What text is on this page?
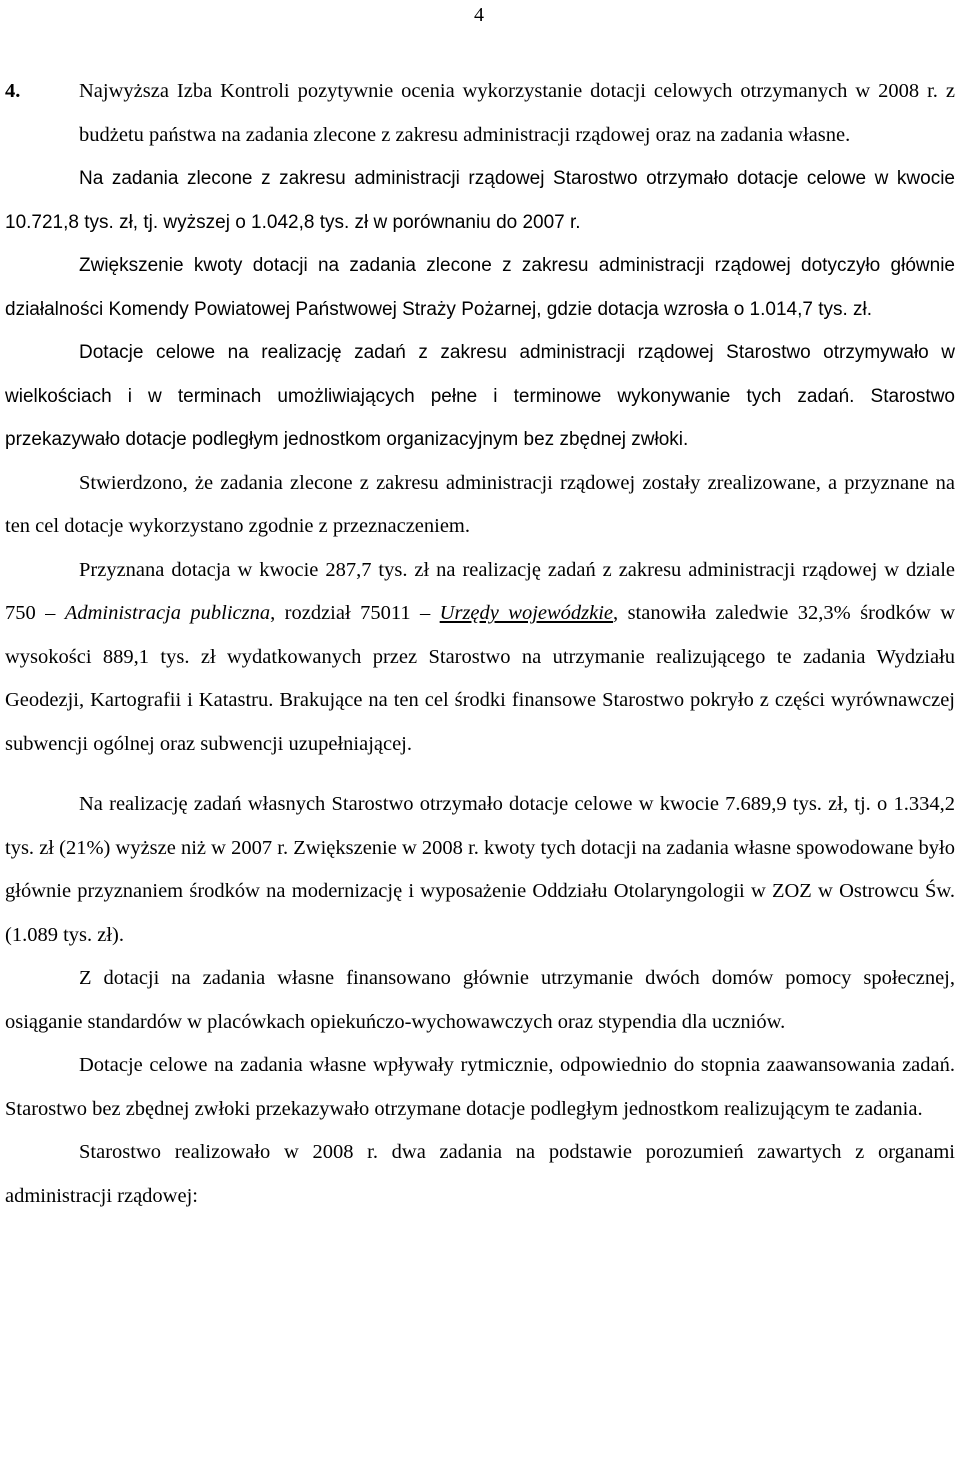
4
4.	Najwyższa Izba Kontroli pozytywnie ocenia wykorzystanie dotacji celowych otrzymanych w 2008 r. z budżetu państwa na zadania zlecone z zakresu administracji rządowej oraz na zadania własne.

Na zadania zlecone z zakresu administracji rządowej Starostwo otrzymało dotacje celowe w kwocie 10.721,8 tys. zł, tj. wyższej o 1.042,8 tys. zł w porównaniu do 2007 r.

Zwiększenie kwoty dotacji na zadania zlecone z zakresu administracji rządowej dotyczyło głównie działalności Komendy Powiatowej Państwowej Straży Pożarnej, gdzie dotacja wzrosła o 1.014,7 tys. zł.

Dotacje celowe na realizację zadań z zakresu administracji rządowej Starostwo otrzymywało w wielkościach i w terminach umożliwiających pełne i terminowe wykonywanie tych zadań. Starostwo przekazywało dotacje podległym jednostkom organizacyjnym bez zbędnej zwłoki.

Stwierdzono, że zadania zlecone z zakresu administracji rządowej zostały zrealizowane, a przyznane na ten cel dotacje wykorzystano zgodnie z przeznaczeniem.

Przyznana dotacja w kwocie 287,7 tys. zł na realizację zadań z zakresu administracji rządowej w dziale 750 – Administracja publiczna, rozdział 75011 – Urzędy wojewódzkie, stanowiła zaledwie 32,3% środków w wysokości 889,1 tys. zł wydatkowanych przez Starostwo na utrzymanie realizującego te zadania Wydziału Geodezji, Kartografii i Katastru. Brakujące na ten cel środki finansowe Starostwo pokryło z części wyrównawczej subwencji ogólnej oraz subwencji uzupełniającej.

Na realizację zadań własnych Starostwo otrzymało dotacje celowe w kwocie 7.689,9 tys. zł, tj. o 1.334,2 tys. zł (21%) wyższe niż w 2007 r. Zwiększenie w 2008 r. kwoty tych dotacji na zadania własne spowodowane było głównie przyznaniem środków na modernizację i wyposażenie Oddziału Otolaryngologii w ZOZ w Ostrowcu Św. (1.089 tys. zł).

Z dotacji na zadania własne finansowano głównie utrzymanie dwóch domów pomocy społecznej, osiąganie standardów w placówkach opiekuńczo-wychowawczych oraz stypendia dla uczniów.

Dotacje celowe na zadania własne wpływały rytmicznie, odpowiednio do stopnia zaawansowania zadań. Starostwo bez zbędnej zwłoki przekazywało otrzymane dotacje podległym jednostkom realizującym te zadania.

Starostwo realizowało w 2008 r. dwa zadania na podstawie porozumień zawartych z organami administracji rządowej:
